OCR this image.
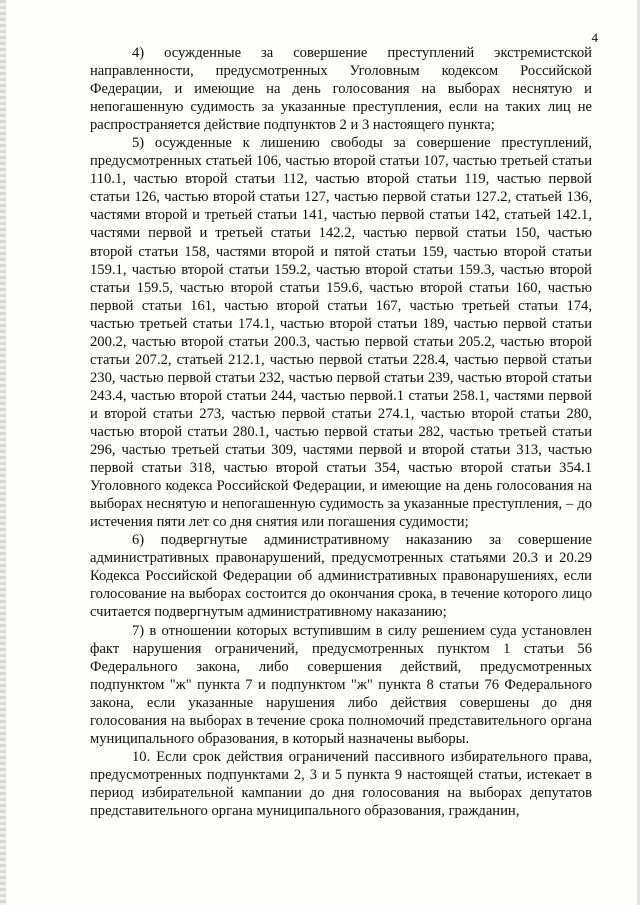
4

4) осужденные за совершение преступлений экстремистской направленности, предусмотренных Уголовным кодексом Российской Федерации, и имеющие на день голосования на выборах неснятую и непогашенную судимость за указанные преступления, если на таких лиц не распространяется действие подпунктов 2 и 3 настоящего пункта;

5) осужденные к лишению свободы за совершение преступлений, предусмотренных статьей 106, частью второй статьи 107, частью третьей статьи 110.1, частью второй статьи 112, частью второй статьи 119, частью первой статьи 126, частью второй статьи 127, частью первой статьи 127.2, статьей 136, частями второй и третьей статьи 141, частью первой статьи 142, статьей 142.1, частями первой и третьей статьи 142.2, частью первой статьи 150, частью второй статьи 158, частями второй и пятой статьи 159, частью второй статьи 159.1, частью второй статьи 159.2, частью второй статьи 159.3, частью второй статьи 159.5, частью второй статьи 159.6, частью второй статьи 160, частью первой статьи 161, частью второй статьи 167, частью третьей статьи 174, частью третьей статьи 174.1, частью второй статьи 189, частью первой статьи 200.2, частью второй статьи 200.3, частью первой статьи 205.2, частью второй статьи 207.2, статьей 212.1, частью первой статьи 228.4, частью первой статьи 230, частью первой статьи 232, частью первой статьи 239, частью второй статьи 243.4, частью второй статьи 244, частью первой.1 статьи 258.1, частями первой и второй статьи 273, частью первой статьи 274.1, частью второй статьи 280, частью второй статьи 280.1, частью первой статьи 282, частью третьей статьи 296, частью третьей статьи 309, частями первой и второй статьи 313, частью первой статьи 318, частью второй статьи 354, частью второй статьи 354.1 Уголовного кодекса Российской Федерации, и имеющие на день голосования на выборах неснятую и непогашенную судимость за указанные преступления, – до истечения пяти лет со дня снятия или погашения судимости;

6) подвергнутые административному наказанию за совершение административных правонарушений, предусмотренных статьями 20.3 и 20.29 Кодекса Российской Федерации об административных правонарушениях, если голосование на выборах состоится до окончания срока, в течение которого лицо считается подвергнутым административному наказанию;

7) в отношении которых вступившим в силу решением суда установлен факт нарушения ограничений, предусмотренных пунктом 1 статьи 56 Федерального закона, либо совершения действий, предусмотренных подпунктом "ж" пункта 7 и подпунктом "ж" пункта 8 статьи 76 Федерального закона, если указанные нарушения либо действия совершены до дня голосования на выборах в течение срока полномочий представительного органа муниципального образования, в который назначены выборы.

10. Если срок действия ограничений пассивного избирательного права, предусмотренных подпунктами 2, 3 и 5 пункта 9 настоящей статьи, истекает в период избирательной кампании до дня голосования на выборах депутатов представительного органа муниципального образования, гражданин,
